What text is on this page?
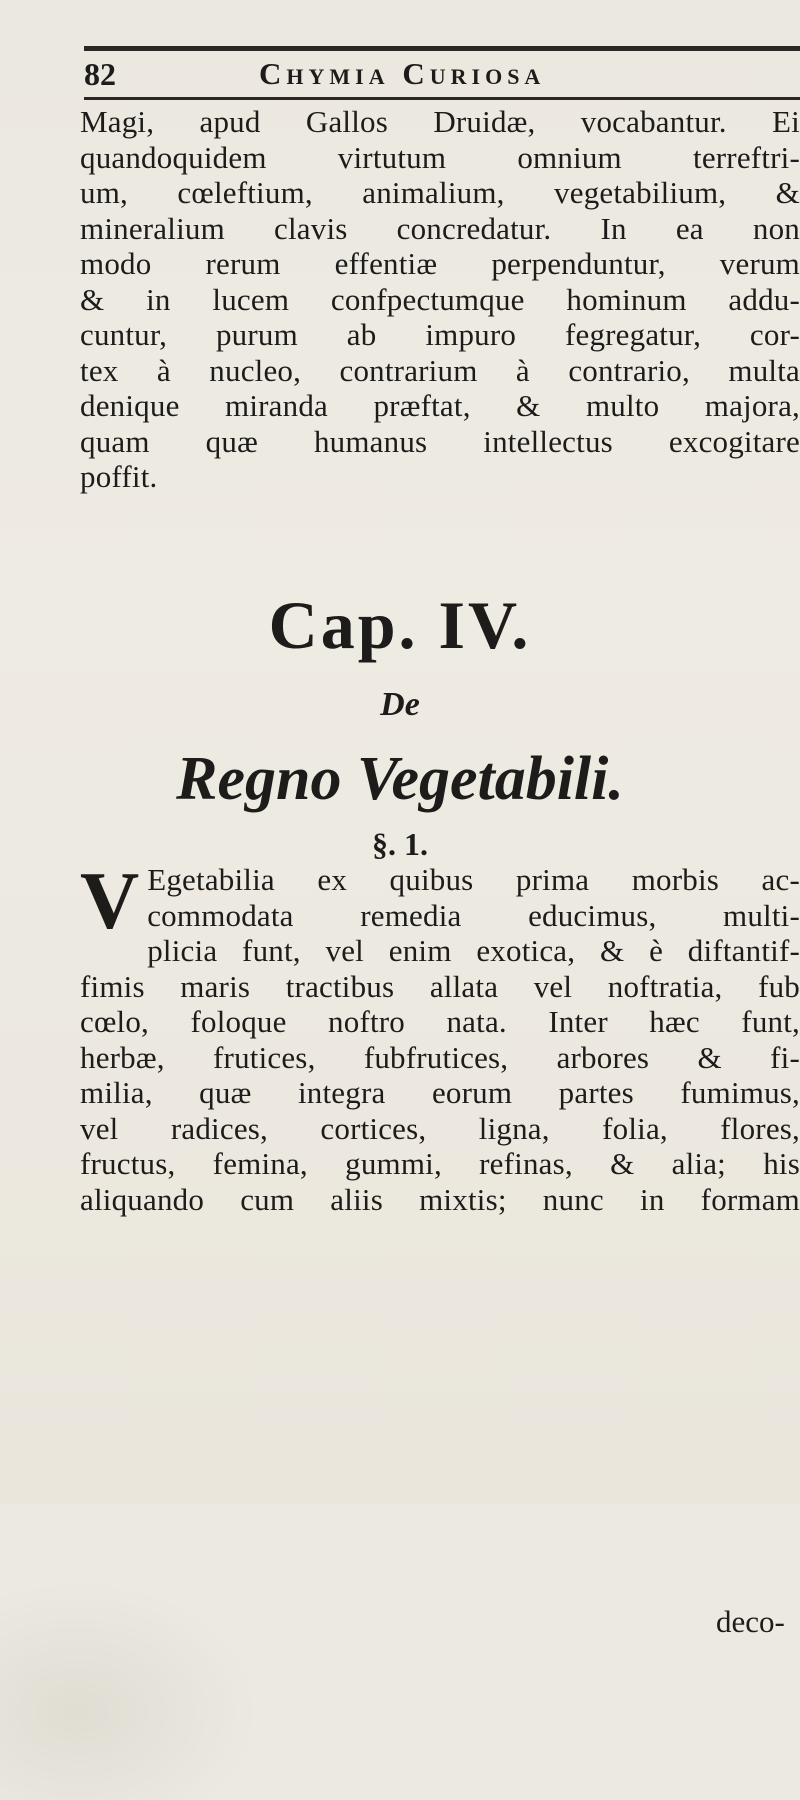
82	Chymia Curiosa
Magi, apud Gallos Druidæ, vocabantur. Ei
quandoquidem virtutum omnium terreftri-
um, cœleftium, animalium, vegetabilium, &
mineralium clavis concredatur. In ea non
modo rerum effentiæ perpenduntur, verum
& in lucem confpectumque hominum addu-
cuntur, purum ab impuro fegregatur, cor-
tex à nucleo, contrarium à contrario, multa
denique miranda præftat, & multo majora,
quam quæ humanus intellectus excogitare
poffit.
Cap. IV.
De
Regno Vegetabili.
§. 1.
V Egetabilia ex quibus prima morbis ac-
commodata remedia educimus, multi-
plicia funt, vel enim exotica, & è diftantif-
fimis maris tractibus allata vel noftratia, fub
cœlo, foloque noftro nata. Inter hæc funt,
herbæ, frutices, fubfrutices, arbores & fi-
milia, quæ integra eorum partes fumimus,
vel radices, cortices, ligna, folia, flores,
fructus, femina, gummi, refinas, & alia; his
aliquando cum aliis mixtis; nunc in formam
deco-
